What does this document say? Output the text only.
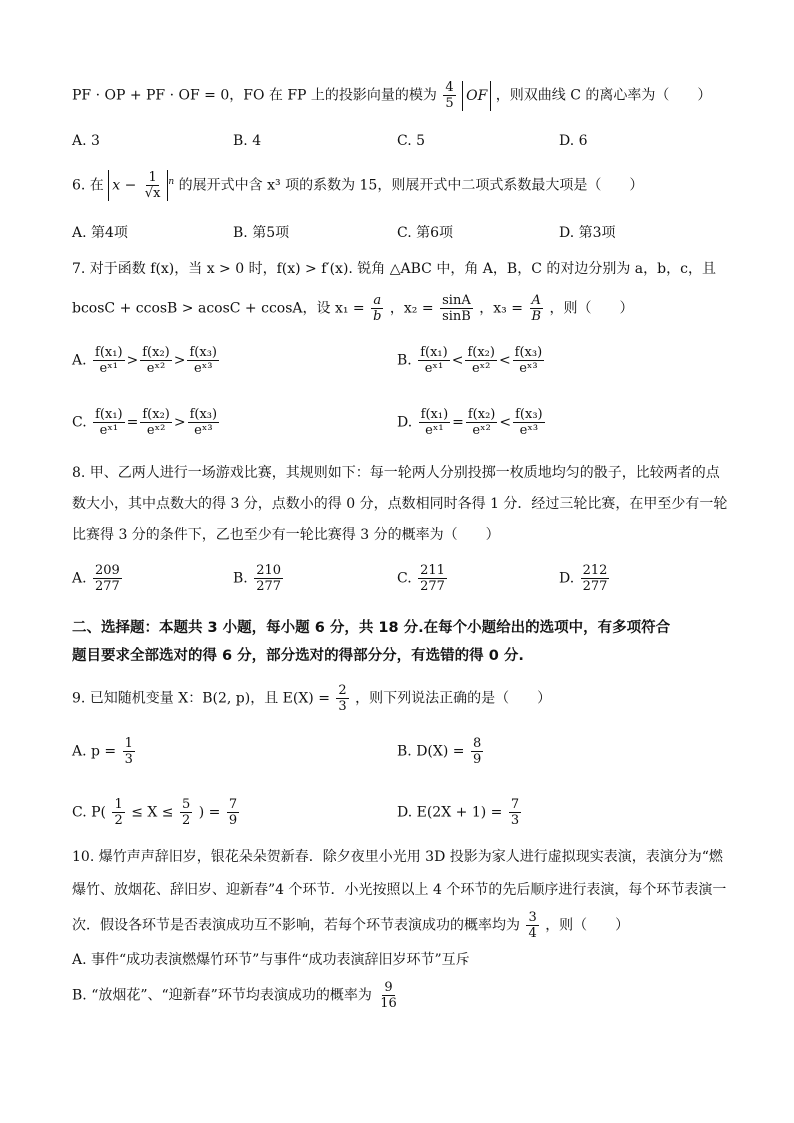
PF · OP + PF · OF = 0，FO 在 FP 上的投影向量的模为 $\frac{4}{5}$ OF ，则双曲线 C 的离心率为（　　）
A. 3	B. 4	C. 5	D. 6
6. 在 $x - \frac{1}{√x} ^n$ 的展开式中含 x³ 项的系数为 15，则展开式中二项式系数最大项是（　　）
A. 第4项	B. 第5项	C. 第6项	D. 第3项
7. 对于函数 f(x)，当 x > 0 时，f(x) > f′(x). 锐角 △ABC 中，角 A，B，C 的对边分别为 a，b，c，且
bcosC + ccosB > acosC + ccosA，设 $x_1 = \frac{a}{b}$ ，$x_2 = \frac{\sin A}{\sin B}$ ，$x_3 = \frac{A}{B}$ ，则（　　）
A. $\frac{\text{f(x₁)}}{\text{eˣ¹}} > \frac{\text{f(x₂)}}{\text{eˣ²}} > \frac{\text{f(x₃)}}{\text{eˣ³}}$	B. $\frac{\text{f(x₁)}}{\text{eˣ¹}} < \frac{\text{f(x₂)}}{\text{eˣ²}} < \frac{\text{f(x₃)}}{\text{eˣ³}}$
C. $\frac{\text{f(x₁)}}{\text{eˣ¹}} = \frac{\text{f(x₂)}}{\text{eˣ²}} > \frac{\text{f(x₃)}}{\text{eˣ³}}$	D. $\frac{\text{f(x₁)}}{\text{eˣ¹}} = \frac{\text{f(x₂)}}{\text{eˣ²}} < \frac{\text{f(x₃)}}{\text{eˣ³}}$
8. 甲、乙两人进行一场游戏比赛，其规则如下：每一轮两人分别投掷一枚质地均匀的骰子，比较两者的点
数大小，其中点数大的得 3 分，点数小的得 0 分，点数相同时各得 1 分．经过三轮比赛，在甲至少有一轮
比赛得 3 分的条件下，乙也至少有一轮比赛得 3 分的概率为（　　）
A. $\frac{209}{277}$	B. $\frac{210}{277}$	C. $\frac{211}{277}$	D. $\frac{212}{277}$
二、选择题：本题共 3 小题，每小题 6 分，共 18 分.在每个小题给出的选项中，有多项符合
题目要求全部选对的得 6 分，部分选对的得部分分，有选错的得 0 分.
9. 已知随机变量 X：B(2, p)，且 $E(X) = \frac{2}{3}$ ，则下列说法正确的是（　　）
A. $p = \frac{1}{3}$	B. $D(X) = \frac{8}{9}$
C. $P( \frac{1}{2} \le X \le \frac{5}{2}$ ) = $\frac{7}{9}$	D. $E(2X + 1) = \frac{7}{3}$
10. 爆竹声声辞旧岁，银花朵朵贺新春．除夕夜里小光用 3D 投影为家人进行虚拟现实表演，表演分为“燃
爆竹、放烟花、辞旧岁、迎新春”4 个环节．小光按照以上 4 个环节的先后顺序进行表演，每个环节表演一
次．假设各环节是否表演成功互不影响，若每个环节表演成功的概率均为 $\frac{3}{4}$ ，则（　　）
A. 事件“成功表演燃爆竹环节”与事件“成功表演辞旧岁环节”互斥
B. “放烟花”、“迎新春”环节均表演成功的概率为 $\frac{9}{16}$
